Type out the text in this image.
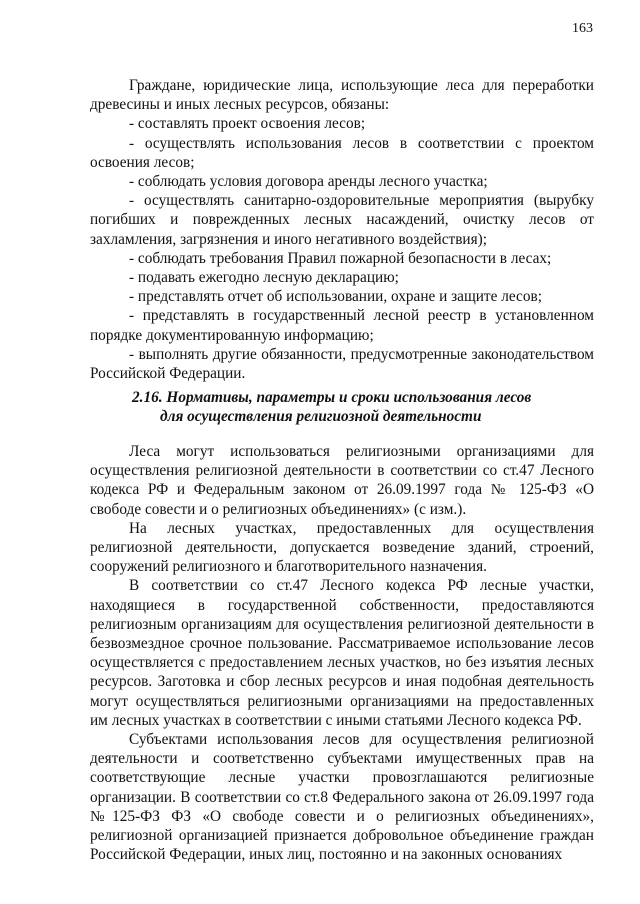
163

Граждане, юридические лица, использующие леса для переработки древесины и иных лесных ресурсов, обязаны:

- составлять проект освоения лесов;

- осуществлять использования лесов в соответствии с проектом освоения лесов;

- соблюдать условия договора аренды лесного участка;

- осуществлять санитарно-оздоровительные мероприятия (вырубку погибших и поврежденных лесных насаждений, очистку лесов от захламления, загрязнения и иного негативного воздействия);

- соблюдать требования Правил пожарной безопасности в лесах;

- подавать ежегодно лесную декларацию;

- представлять отчет об использовании, охране и защите лесов;

- представлять в государственный лесной реестр в установленном порядке документированную информацию;

- выполнять другие обязанности, предусмотренные законодательством Российской Федерации.

2.16. Нормативы, параметры и сроки использования лесов
для осуществления религиозной деятельности

Леса могут использоваться религиозными организациями для осуществления религиозной деятельности в соответствии со ст.47 Лесного кодекса РФ и Федеральным законом от 26.09.1997 года № 125-ФЗ «О свободе совести и о религиозных объединениях» (с изм.).

На лесных участках, предоставленных для осуществления религиозной деятельности, допускается возведение зданий, строений, сооружений религиозного и благотворительного назначения.

В соответствии со ст.47 Лесного кодекса РФ лесные участки, находящиеся в государственной собственности, предоставляются религиозным организациям для осуществления религиозной деятельности в безвозмездное срочное пользование. Рассматриваемое использование лесов осуществляется с предоставлением лесных участков, но без изъятия лесных ресурсов. Заготовка и сбор лесных ресурсов и иная подобная деятельность могут осуществляться религиозными организациями на предоставленных им лесных участках в соответствии с иными статьями Лесного кодекса РФ.

Субъектами использования лесов для осуществления религиозной деятельности и соответственно субъектами имущественных прав на соответствующие лесные участки провозглашаются религиозные организации. В соответствии со ст.8 Федерального закона от 26.09.1997 года №125-ФЗ ФЗ «О свободе совести и о религиозных объединениях», религиозной организацией признается добровольное объединение граждан Российской Федерации, иных лиц, постоянно и на законных основаниях
